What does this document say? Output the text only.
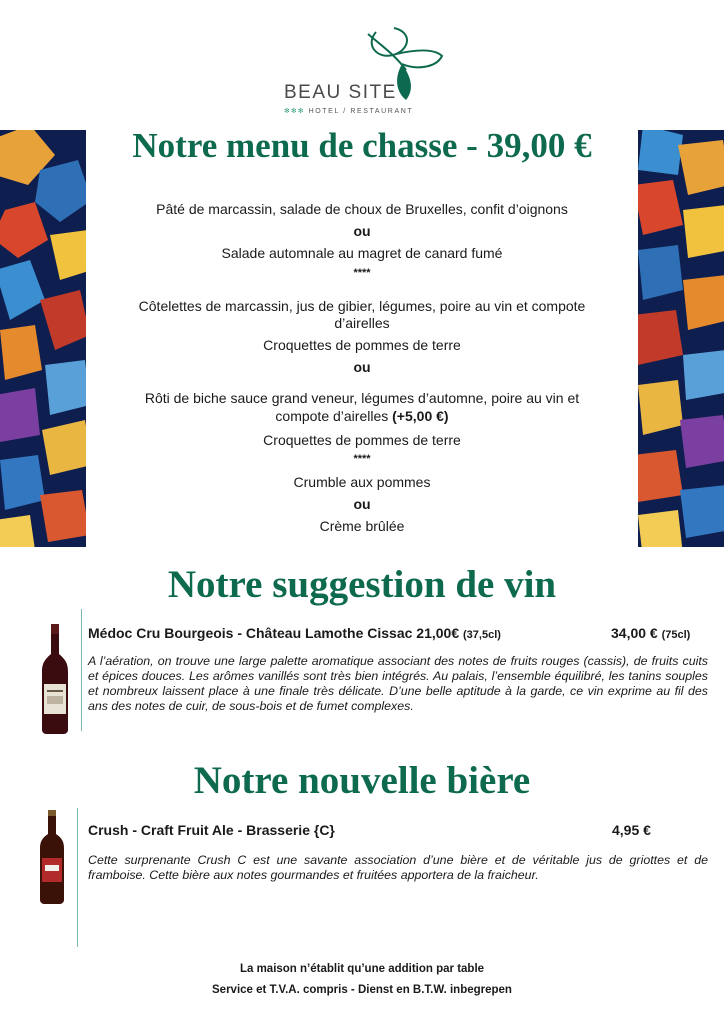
BEAU SITE
✻✻✻ HOTEL / RESTAURANT
Notre menu de chasse - 39,00 €
Pâté de marcassin, salade de choux de Bruxelles, confit d’oignons
ou
Salade automnale au magret de canard fumé
****
Côtelettes de marcassin, jus de gibier, légumes, poire au vin et compote
d’airelles
Croquettes de pommes de terre
ou
Rôti de biche sauce grand veneur, légumes d’automne, poire au vin et
compote d’airelles (+5,00 €)
Croquettes de pommes de terre
****
Crumble aux pommes
ou
Crème brûlée
Notre suggestion de vin
Médoc Cru Bourgeois - Château Lamothe Cissac 21,00€ (37,5cl)	34,00 € (75cl)
A l’aération, on trouve une large palette aromatique associant des notes de fruits rouges (cassis), de fruits cuits et épices douces. Les arômes vanillés sont très bien intégrés. Au palais, l’ensemble équilibré, les tanins souples et nombreux laissent place à une finale très délicate. D’une belle aptitude à la garde, ce vin exprime au fil des ans des notes de cuir, de sous-bois et de fumet complexes.
Notre nouvelle bière
Crush - Craft Fruit Ale - Brasserie {C}	4,95 €
Cette surprenante Crush C est une savante association d’une bière et de véritable jus de griottes et de framboise. Cette bière aux notes gourmandes et fruitées apportera de la fraicheur.
La maison n’établit qu’une addition par table
Service et T.V.A. compris - Dienst en B.T.W. inbegrepen
